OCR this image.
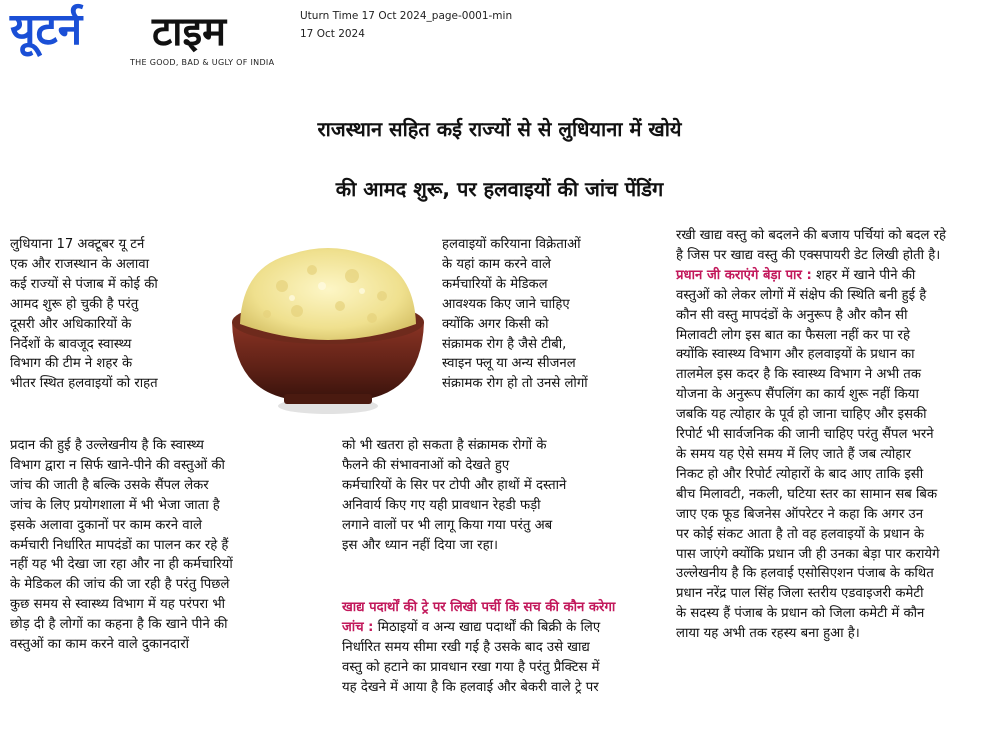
यूटर्न टाइम
THE GOOD, BAD & UGLY OF INDIA
Uturn Time 17 Oct 2024_page-0001-min
17 Oct 2024
राजस्थान सहित कई राज्यों से से लुधियाना में खोये
की आमद शुरू, पर हलवाइयों की जांच पेंडिंग

लुधियाना 17 अक्टूबर यू टर्न

एक और राजस्थान के अलावा

कई राज्यों से पंजाब में कोई की

आमद शुरू हो चुकी है परंतु

दूसरी और अधिकारियों के

निर्देशों के बावजूद स्वास्थ्य

विभाग की टीम ने शहर के

भीतर स्थित हलवाइयों को राहत

प्रदान की हुई है उल्लेखनीय है कि स्वास्थ्य

विभाग द्वारा न सिर्फ खाने-पीने की वस्तुओं की

जांच की जाती है बल्कि उसके सैंपल लेकर

जांच के लिए प्रयोगशाला में भी भेजा जाता है

इसके अलावा दुकानों पर काम करने वाले

कर्मचारी निर्धारित मापदंडों का पालन कर रहे हैं

नहीं यह भी देखा जा रहा और ना ही कर्मचारियों

के मेडिकल की जांच की जा रही है परंतु पिछले

कुछ समय से स्वास्थ्य विभाग में यह परंपरा भी

छोड़ दी है लोगों का कहना है कि खाने पीने की

वस्तुओं का काम करने वाले दुकानदारों

हलवाइयों करियाना विक्रेताओं

के यहां काम करने वाले

कर्मचारियों के मेडिकल

आवश्यक किए जाने चाहिए

क्योंकि अगर किसी को

संक्रामक रोग है जैसे टीबी,

स्वाइन फ्लू या अन्य सीजनल

संक्रामक रोग हो तो उनसे लोगों

को भी खतरा हो सकता है संक्रामक रोगों के

फैलने की संभावनाओं को देखते हुए

कर्मचारियों के सिर पर टोपी और हाथों में दस्ताने

अनिवार्य किए गए यही प्रावधान रेहडी फड़ी

लगाने वालों पर भी लागू किया गया परंतु अब

इस और ध्यान नहीं दिया जा रहा।

खाद्य पदार्थों की ट्रे पर लिखी पर्ची कि सच की कौन करेगा

जांच : मिठाइयों व अन्य खाद्य पदार्थों की बिक्री के लिए

निर्धारित समय सीमा रखी गई है उसके बाद उसे खाद्य

वस्तु को हटाने का प्रावधान रखा गया है परंतु प्रैक्टिस में

यह देखने में आया है कि हलवाई और बेकरी वाले ट्रे पर

रखी खाद्य वस्तु को बदलने की बजाय पर्चियां को बदल रहे

है जिस पर खाद्य वस्तु की एक्सपायरी डेट लिखी होती है।

प्रधान जी कराएंगे बेड़ा पार : शहर में खाने पीने की

वस्तुओं को लेकर लोगों में संक्षेप की स्थिति बनी हुई है

कौन सी वस्तु मापदंडों के अनुरूप है और कौन सी

मिलावटी लोग इस बात का फैसला नहीं कर पा रहे

क्योंकि स्वास्थ्य विभाग और हलवाइयों के प्रधान का

तालमेल इस कदर है कि स्वास्थ्य विभाग ने अभी तक

योजना के अनुरूप सैंपलिंग का कार्य शुरू नहीं किया

जबकि यह त्योहार के पूर्व हो जाना चाहिए और इसकी

रिपोर्ट भी सार्वजनिक की जानी चाहिए परंतु सैंपल भरने

के समय यह ऐसे समय में लिए जाते हैं जब त्योहार

निकट हो और रिपोर्ट त्योहारों के बाद आए ताकि इसी

बीच मिलावटी, नकली, घटिया स्तर का सामान सब बिक

जाए एक फूड बिजनेस ऑपरेटर ने कहा कि अगर उन

पर कोई संकट आता है तो वह हलवाइयों के प्रधान के

पास जाएंगे क्योंकि प्रधान जी ही उनका बेड़ा पार करायेगे

उल्लेखनीय है कि हलवाई एसोसिएशन पंजाब के कथित

प्रधान नरेंद्र पाल सिंह जिला स्तरीय एडवाइजरी कमेटी

के सदस्य हैं पंजाब के प्रधान को जिला कमेटी में कौन

लाया यह अभी तक रहस्य बना हुआ है।
